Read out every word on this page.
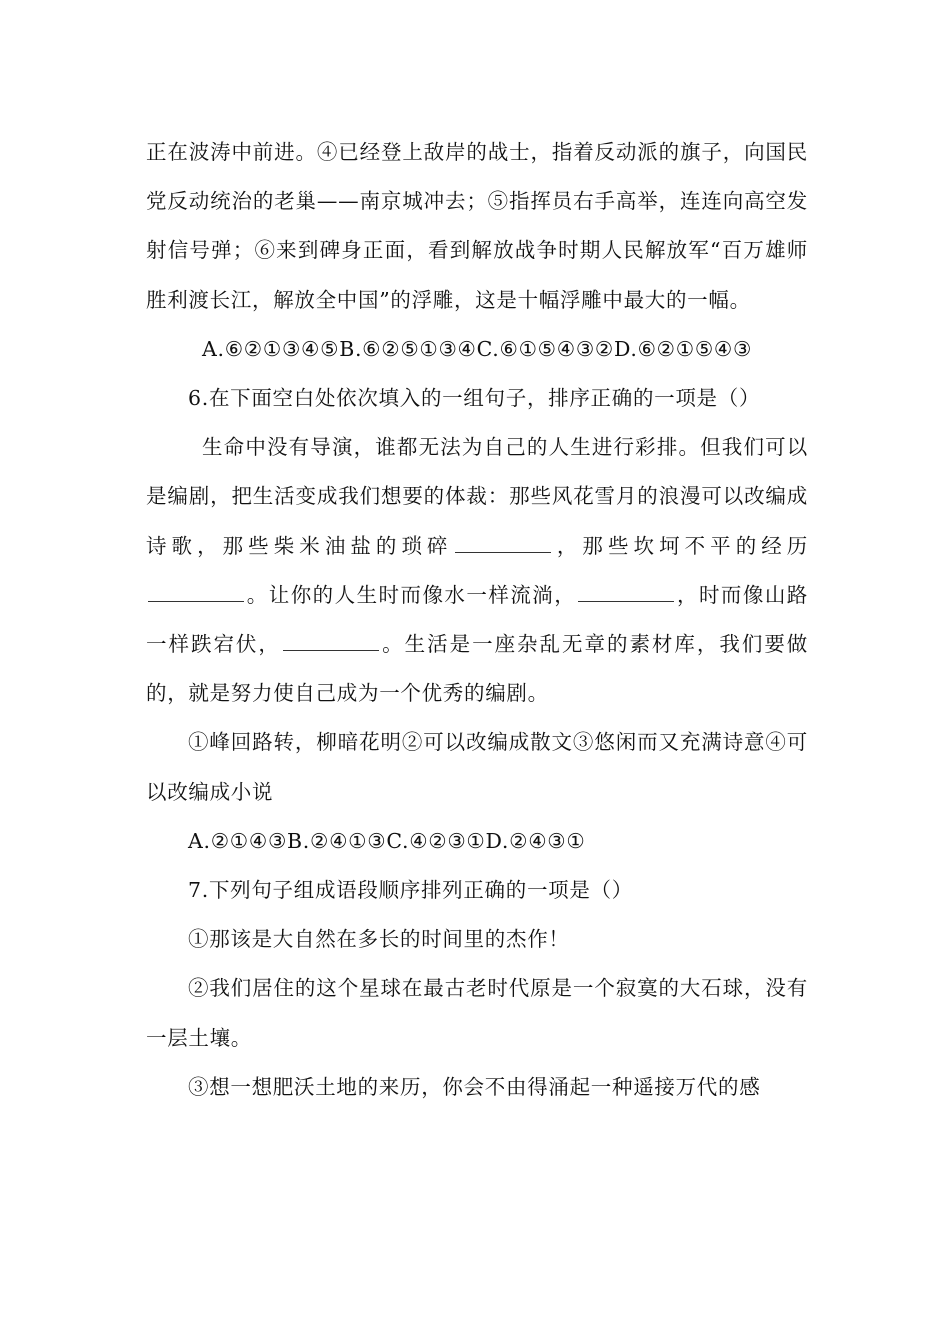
正在波涛中前进。④已经登上敌岸的战士，指着反动派的旗子，向国民党反动统治的老巢——南京城冲去；⑤指挥员右手高举，连连向高空发射信号弹；⑥来到碑身正面，看到解放战争时期人民解放军“百万雄师胜利渡长江，解放全中国”的浮雕，这是十幅浮雕中最大的一幅。

A.⑥②①③④⑤B.⑥②⑤①③④C.⑥①⑤④③②D.⑥②①⑤④③

6.在下面空白处依次填入的一组句子，排序正确的一项是（）

生命中没有导演，谁都无法为自己的人生进行彩排。但我们可以是编剧，把生活变成我们想要的体裁：那些风花雪月的浪漫可以改编成诗歌，那些柴米油盐的琐碎	，那些坎坷不平的经历。让你的人生时而像水一样流淌，	，时而像山路一样跌宕伏，	。生活是一座杂乱无章的素材库，我们要做的，就是努力使自己成为一个优秀的编剧。

①峰回路转，柳暗花明②可以改编成散文③悠闲而又充满诗意④可以改编成小说

A.②①④③B.②④①③C.④②③①D.②④③①

7.下列句子组成语段顺序排列正确的一项是（）

①那该是大自然在多长的时间里的杰作！

②我们居住的这个星球在最古老时代原是一个寂寞的大石球，没有一层土壤。

③想一想肥沃土地的来历，你会不由得涌起一种遥接万代的感
